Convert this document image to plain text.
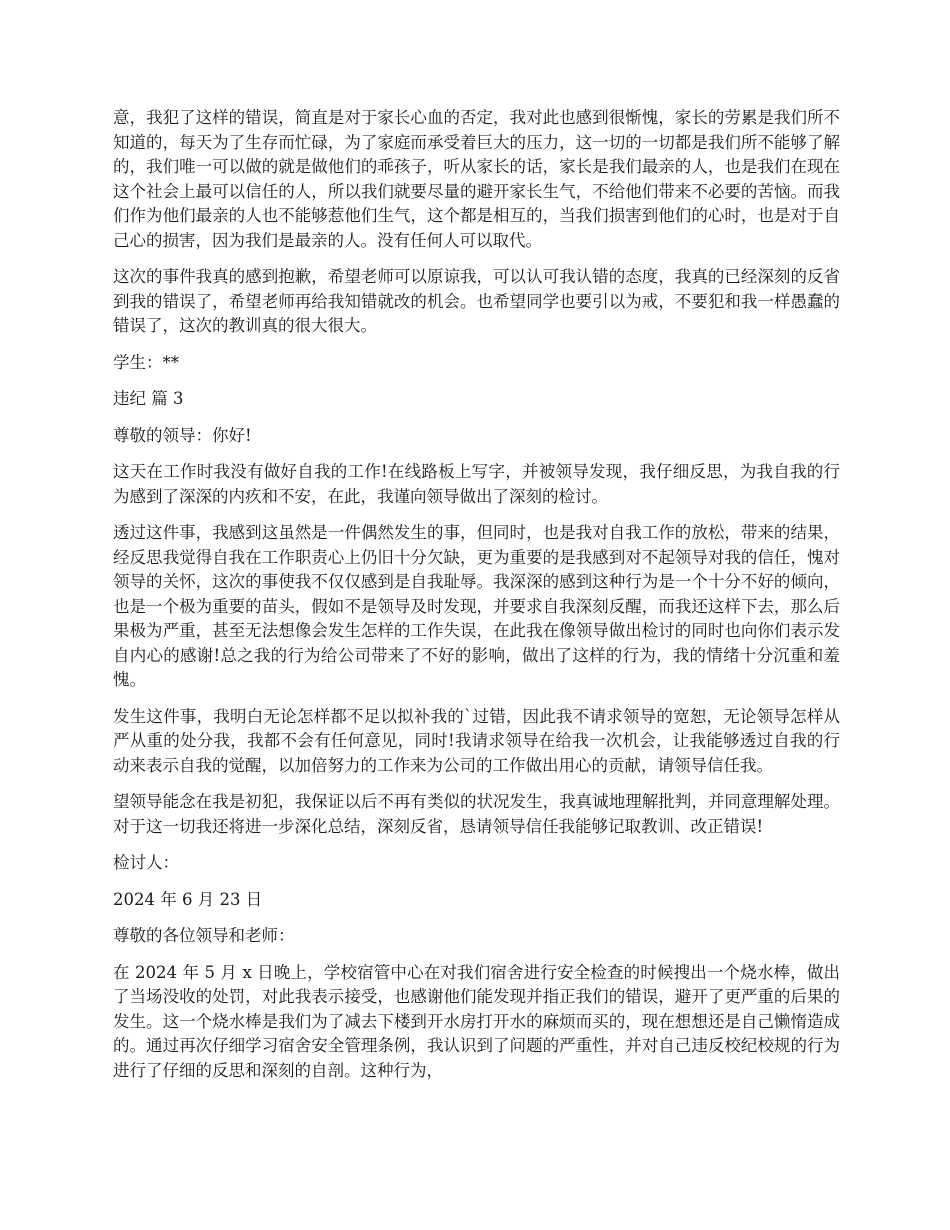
意，我犯了这样的错误，简直是对于家长心血的否定，我对此也感到很惭愧，家长的劳累是我们所不知道的，每天为了生存而忙碌，为了家庭而承受着巨大的压力，这一切的一切都是我们所不能够了解的，我们唯一可以做的就是做他们的乖孩子，听从家长的话，家长是我们最亲的人，也是我们在现在这个社会上最可以信任的人，所以我们就要尽量的避开家长生气，不给他们带来不必要的苦恼。而我们作为他们最亲的人也不能够惹他们生气，这个都是相互的，当我们损害到他们的心时，也是对于自己心的损害，因为我们是最亲的人。没有任何人可以取代。

这次的事件我真的感到抱歉，希望老师可以原谅我，可以认可我认错的态度，我真的已经深刻的反省到我的错误了，希望老师再给我知错就改的机会。也希望同学也要引以为戒，不要犯和我一样愚蠢的错误了，这次的教训真的很大很大。

学生：**

违纪 篇 3

尊敬的领导：你好!

这天在工作时我没有做好自我的工作!在线路板上写字，并被领导发现，我仔细反思，为我自我的行为感到了深深的内疚和不安，在此，我谨向领导做出了深刻的检讨。

透过这件事，我感到这虽然是一件偶然发生的事，但同时，也是我对自我工作的放松，带来的结果，经反思我觉得自我在工作职责心上仍旧十分欠缺，更为重要的是我感到对不起领导对我的信任，愧对领导的关怀，这次的事使我不仅仅感到是自我耻辱。我深深的感到这种行为是一个十分不好的倾向，也是一个极为重要的苗头，假如不是领导及时发现，并要求自我深刻反醒，而我还这样下去，那么后果极为严重，甚至无法想像会发生怎样的工作失误，在此我在像领导做出检讨的同时也向你们表示发自内心的感谢!总之我的行为给公司带来了不好的影响，做出了这样的行为，我的情绪十分沉重和羞愧。

发生这件事，我明白无论怎样都不足以拟补我的`过错，因此我不请求领导的宽恕，无论领导怎样从严从重的处分我，我都不会有任何意见，同时!我请求领导在给我一次机会，让我能够透过自我的行动来表示自我的觉醒，以加倍努力的工作来为公司的工作做出用心的贡献，请领导信任我。

望领导能念在我是初犯，我保证以后不再有类似的状况发生，我真诚地理解批判，并同意理解处理。对于这一切我还将进一步深化总结，深刻反省，恳请领导信任我能够记取教训、改正错误!

检讨人：

2024 年 6 月 23 日

尊敬的各位领导和老师：

在 2024 年 5 月 x 日晚上，学校宿管中心在对我们宿舍进行安全检查的时候搜出一个烧水棒，做出了当场没收的处罚，对此我表示接受，也感谢他们能发现并指正我们的错误，避开了更严重的后果的发生。这一个烧水棒是我们为了减去下楼到开水房打开水的麻烦而买的，现在想想还是自己懒惰造成的。通过再次仔细学习宿舍安全管理条例，我认识到了问题的严重性，并对自己违反校纪校规的行为进行了仔细的反思和深刻的自剖。这种行为，
